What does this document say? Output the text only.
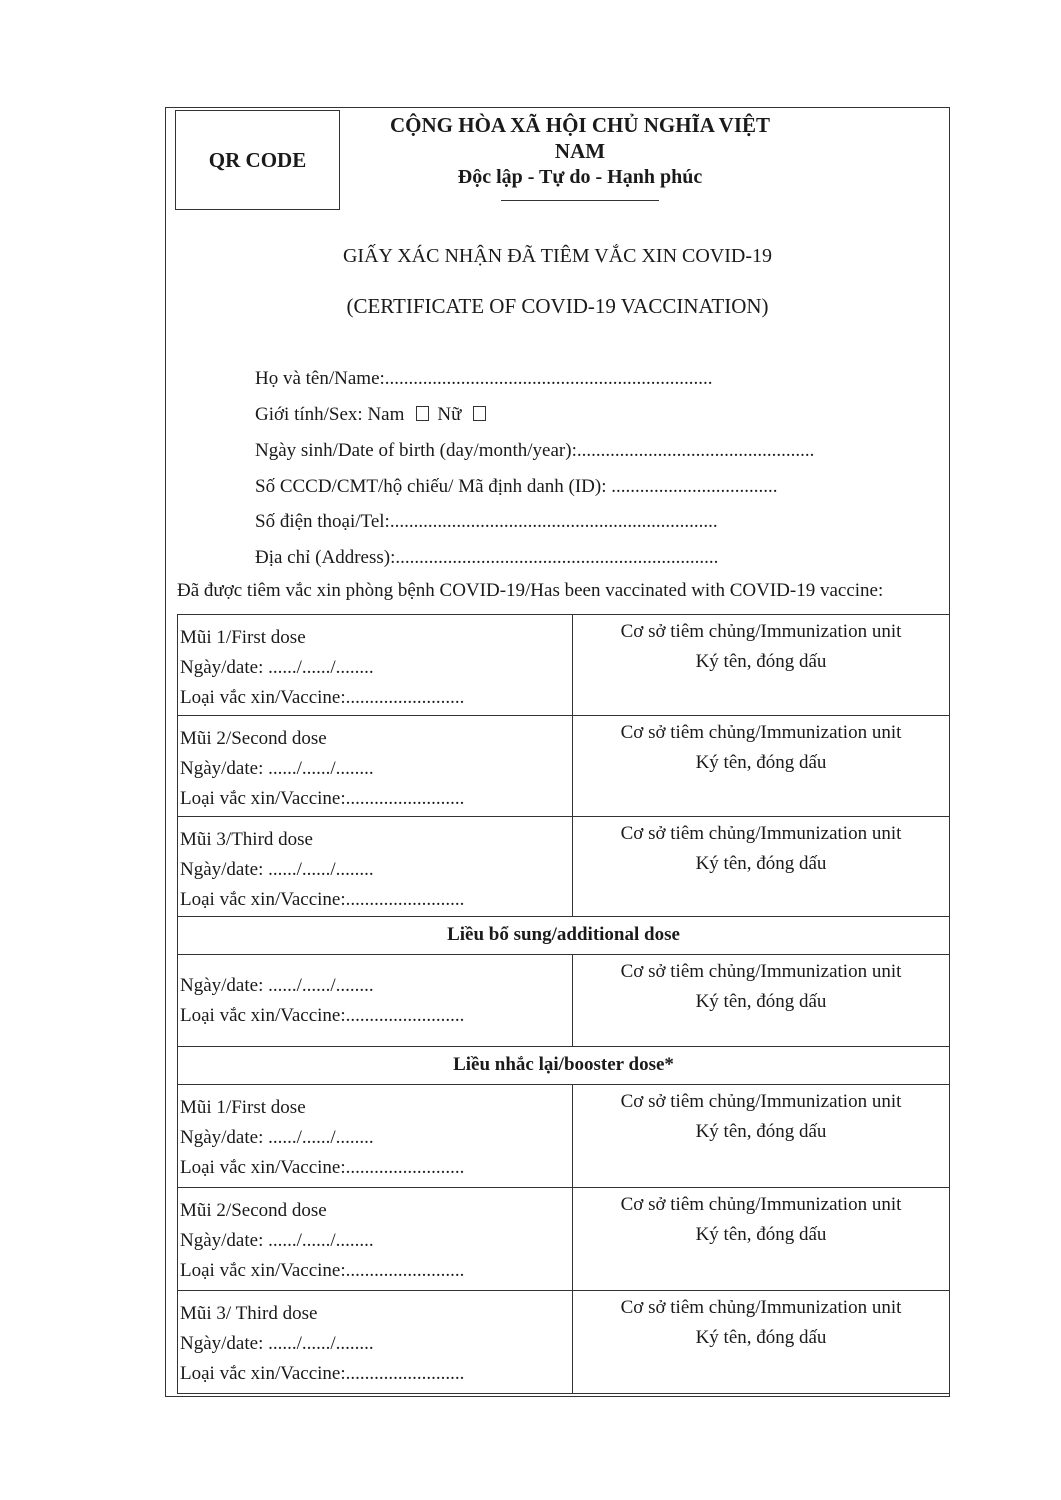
QR CODE
CỘNG HÒA XÃ HỘI CHỦ NGHĨA VIỆT NAM
Độc lập - Tự do - Hạnh phúc
GIẤY XÁC NHẬN ĐÃ TIÊM VẮC XIN COVID-19
(CERTIFICATE OF COVID-19 VACCINATION)
Họ và tên/Name:.....................................................................
Giới tính/Sex: Nam Nữ
Ngày sinh/Date of birth (day/month/year):..................................................
Số CCCD/CMT/hộ chiếu/ Mã định danh (ID): ...................................
Số điện thoại/Tel:.....................................................................
Địa chỉ (Address):....................................................................
Đã được tiêm vắc xin phòng bệnh COVID-19/Has been vaccinated with COVID-19 vaccine:
Mũi 1/First dose
Ngày/date: ....../....../........
Loại vắc xin/Vaccine:.........................
Cơ sở tiêm chủng/Immunization unit
Ký tên, đóng dấu
Mũi 2/Second dose
Ngày/date: ....../....../........
Loại vắc xin/Vaccine:.........................
Cơ sở tiêm chủng/Immunization unit
Ký tên, đóng dấu
Mũi 3/Third dose
Ngày/date: ....../....../........
Loại vắc xin/Vaccine:.........................
Cơ sở tiêm chủng/Immunization unit
Ký tên, đóng dấu
Liều bổ sung/additional dose
Ngày/date: ....../....../........
Loại vắc xin/Vaccine:.........................
Cơ sở tiêm chủng/Immunization unit
Ký tên, đóng dấu
Liều nhắc lại/booster dose*
Mũi 1/First dose
Ngày/date: ....../....../........
Loại vắc xin/Vaccine:.........................
Cơ sở tiêm chủng/Immunization unit
Ký tên, đóng dấu
Mũi 2/Second dose
Ngày/date: ....../....../........
Loại vắc xin/Vaccine:.........................
Cơ sở tiêm chủng/Immunization unit
Ký tên, đóng dấu
Mũi 3/ Third dose
Ngày/date: ....../....../........
Loại vắc xin/Vaccine:.........................
Cơ sở tiêm chủng/Immunization unit
Ký tên, đóng dấu
